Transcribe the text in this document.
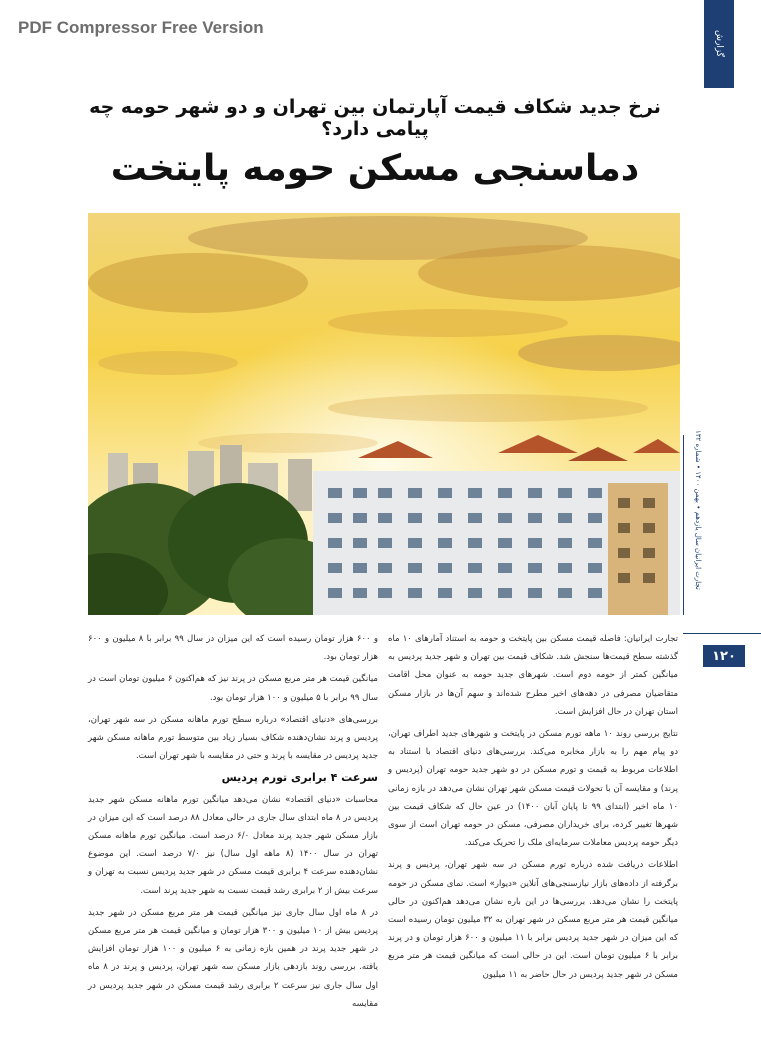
PDF Compressor Free Version
گزارش
نرخ جدید شکاف قیمت آپارتمان بین تهران و دو شهر حومه چه پیامی دارد؟
دماسنجی مسکن حومه پایتخت
تجارت ایرانیان سال یازدهم • بهمن ۱۴۰۰ • شماره ۱۳۲
۱۲۰

تجارت ایرانیان: فاصله قیمت مسکن بین پایتخت و حومه به استناد آمارهای ۱۰ ماه گذشته سطح قیمت‌ها سنجش شد. شکاف قیمت بین تهران و شهر جدید پردیس به میانگین کمتر از حومه دوم است. شهرهای جدید حومه به عنوان محل اقامت متقاضیان مصرفی در دهه‌های اخیر مطرح شده‌اند و سهم آن‌ها در بازار مسکن استان تهران در حال افزایش است.

نتایج بررسی روند ۱۰ ماهه تورم مسکن در پایتخت و شهرهای جدید اطراف تهران، دو پیام مهم را به بازار مخابره می‌کند. بررسی‌های دنیای اقتصاد با استناد به اطلاعات مربوط به قیمت و تورم مسکن در دو شهر جدید حومه تهران (پردیس و پرند) و مقایسه آن با تحولات قیمت مسکن شهر تهران نشان می‌دهد در بازه زمانی ۱۰ ماه اخیر (ابتدای ۹۹ تا پایان آبان ۱۴۰۰) در عین حال که شکاف قیمت بین شهرها تغییر کرده، برای خریداران مصرفی، مسکن در حومه تهران است از سوی دیگر حومه پردیس معاملات سرمایه‌ای ملک را تحریک می‌کند.

اطلاعات دریافت شده درباره تورم مسکن در سه شهر تهران، پردیس و پرند برگرفته از داده‌های بازار نیازسنجی‌های آنلاین «دیوار» است. نمای مسکن در حومه پایتخت را نشان می‌دهد. بررسی‌ها در این باره نشان می‌دهد هم‌اکنون در حالی میانگین قیمت هر متر مربع مسکن در شهر تهران به ۳۲ میلیون تومان رسیده است که این میزان در شهر جدید پردیس برابر با ۱۱ میلیون و ۶۰۰ هزار تومان و در پرند برابر با ۶ میلیون تومان است. این در حالی است که میانگین قیمت هر متر مربع مسکن در شهر جدید پردیس در حال حاضر به ۱۱ میلیون

و ۶۰۰ هزار تومان رسیده است که این میزان در سال ۹۹ برابر با ۸ میلیون و ۶۰۰ هزار تومان بود.

میانگین قیمت هر متر مربع مسکن در پرند نیز که هم‌اکنون ۶ میلیون تومان است در سال ۹۹ برابر با ۵ میلیون و ۱۰۰ هزار تومان بود.

بررسی‌های «دنیای اقتصاد» درباره سطح تورم ماهانه مسکن در سه شهر تهران، پردیس و پرند نشان‌دهنده شکاف بسیار زیاد بین متوسط تورم ماهانه مسکن شهر جدید پردیس در مقایسه با پرند و حتی در مقایسه با شهر تهران است.

سرعت ۴ برابری تورم پردیس

محاسبات «دنیای اقتصاد» نشان می‌دهد میانگین تورم ماهانه مسکن شهر جدید پردیس در ۸ ماه ابتدای سال جاری در حالی معادل ۸۸ درصد است که این میزان در بازار مسکن شهر جدید پرند معادل ۶/۰ درصد است. میانگین تورم ماهانه مسکن تهران در سال ۱۴۰۰ (۸ ماهه اول سال) نیز ۷/۰ درصد است. این موضوع نشان‌دهنده سرعت ۴ برابری قیمت مسکن در شهر جدید پردیس نسبت به تهران و سرعت بیش از ۲ برابری رشد قیمت نسبت به شهر جدید پرند است.

در ۸ ماه اول سال جاری نیز میانگین قیمت هر متر مربع مسکن در شهر جدید پردیس بیش از ۱۰ میلیون و ۳۰۰ هزار تومان و میانگین قیمت هر متر مربع مسکن در شهر جدید پرند در همین بازه زمانی به ۶ میلیون و ۱۰۰ هزار تومان افزایش یافته. بررسی روند بازدهی بازار مسکن سه شهر تهران، پردیس و پرند در ۸ ماه اول سال جاری نیز سرعت ۲ برابری رشد قیمت مسکن در شهر جدید پردیس در مقایسه
